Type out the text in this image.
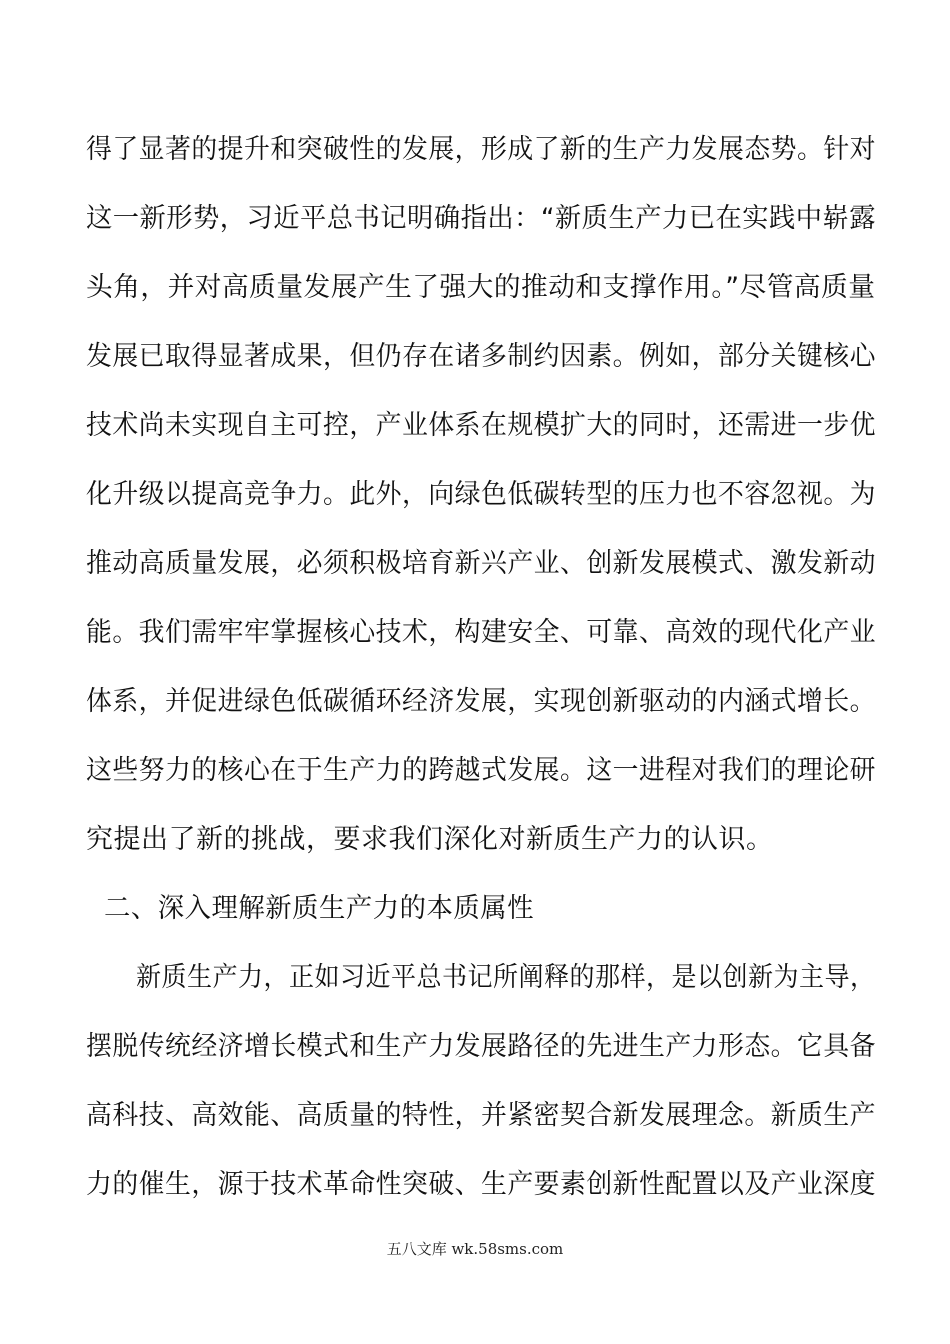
得了显著的提升和突破性的发展，形成了新的生产力发展态势。针对
这一新形势，习近平总书记明确指出：“新质生产力已在实践中崭露
头角，并对高质量发展产生了强大的推动和支撑作用。”尽管高质量
发展已取得显著成果，但仍存在诸多制约因素。例如，部分关键核心
技术尚未实现自主可控，产业体系在规模扩大的同时，还需进一步优
化升级以提高竞争力。此外，向绿色低碳转型的压力也不容忽视。为
推动高质量发展，必须积极培育新兴产业、创新发展模式、激发新动
能。我们需牢牢掌握核心技术，构建安全、可靠、高效的现代化产业
体系，并促进绿色低碳循环经济发展，实现创新驱动的内涵式增长。
这些努力的核心在于生产力的跨越式发展。这一进程对我们的理论研
究提出了新的挑战，要求我们深化对新质生产力的认识。
二、深入理解新质生产力的本质属性
新质生产力，正如习近平总书记所阐释的那样，是以创新为主导，
摆脱传统经济增长模式和生产力发展路径的先进生产力形态。它具备
高科技、高效能、高质量的特性，并紧密契合新发展理念。新质生产
力的催生，源于技术革命性突破、生产要素创新性配置以及产业深度
五八文库 wk.58sms.com
